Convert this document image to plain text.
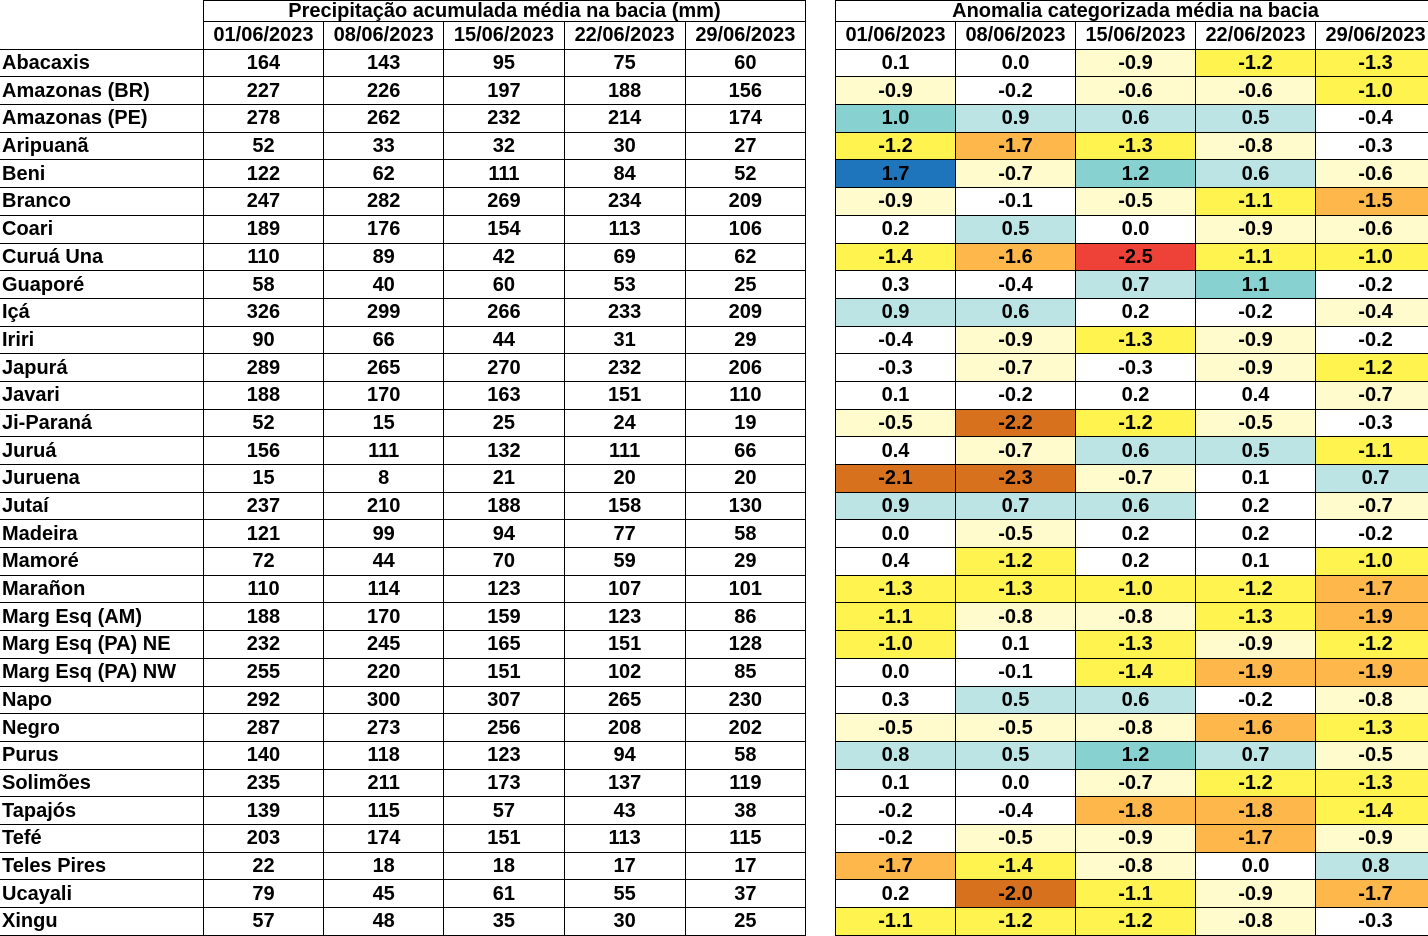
	Precipitação acumulada média na bacia (mm)				
	01/06/2023	08/06/2023	15/06/2023	22/06/2023	29/06/2023
Abacaxis	164	143	95	75	60
Amazonas (BR)	227	226	197	188	156
Amazonas (PE)	278	262	232	214	174
Aripuanã	52	33	32	30	27
Beni	122	62	111	84	52
Branco	247	282	269	234	209
Coari	189	176	154	113	106
Curuá Una	110	89	42	69	62
Guaporé	58	40	60	53	25
Içá	326	299	266	233	209
Iriri	90	66	44	31	29
Japurá	289	265	270	232	206
Javari	188	170	163	151	110
Ji-Paraná	52	15	25	24	19
Juruá	156	111	132	111	66
Juruena	15	8	21	20	20
Jutaí	237	210	188	158	130
Madeira	121	99	94	77	58
Mamoré	72	44	70	59	29
Marañon	110	114	123	107	101
Marg Esq (AM)	188	170	159	123	86
Marg Esq (PA) NE	232	245	165	151	128
Marg Esq (PA) NW	255	220	151	102	85
Napo	292	300	307	265	230
Negro	287	273	256	208	202
Purus	140	118	123	94	58
Solimões	235	211	173	137	119
Tapajós	139	115	57	43	38
Tefé	203	174	151	113	115
Teles Pires	22	18	18	17	17
Ucayali	79	45	61	55	37
Xingu	57	48	35	30	25
Anomalia categorizada média na bacia				
01/06/2023	08/06/2023	15/06/2023	22/06/2023	29/06/2023
0.1	0.0	-0.9	-1.2	-1.3
-0.9	-0.2	-0.6	-0.6	-1.0
1.0	0.9	0.6	0.5	-0.4
-1.2	-1.7	-1.3	-0.8	-0.3
1.7	-0.7	1.2	0.6	-0.6
-0.9	-0.1	-0.5	-1.1	-1.5
0.2	0.5	0.0	-0.9	-0.6
-1.4	-1.6	-2.5	-1.1	-1.0
0.3	-0.4	0.7	1.1	-0.2
0.9	0.6	0.2	-0.2	-0.4
-0.4	-0.9	-1.3	-0.9	-0.2
-0.3	-0.7	-0.3	-0.9	-1.2
0.1	-0.2	0.2	0.4	-0.7
-0.5	-2.2	-1.2	-0.5	-0.3
0.4	-0.7	0.6	0.5	-1.1
-2.1	-2.3	-0.7	0.1	0.7
0.9	0.7	0.6	0.2	-0.7
0.0	-0.5	0.2	0.2	-0.2
0.4	-1.2	0.2	0.1	-1.0
-1.3	-1.3	-1.0	-1.2	-1.7
-1.1	-0.8	-0.8	-1.3	-1.9
-1.0	0.1	-1.3	-0.9	-1.2
0.0	-0.1	-1.4	-1.9	-1.9
0.3	0.5	0.6	-0.2	-0.8
-0.5	-0.5	-0.8	-1.6	-1.3
0.8	0.5	1.2	0.7	-0.5
0.1	0.0	-0.7	-1.2	-1.3
-0.2	-0.4	-1.8	-1.8	-1.4
-0.2	-0.5	-0.9	-1.7	-0.9
-1.7	-1.4	-0.8	0.0	0.8
0.2	-2.0	-1.1	-0.9	-1.7
-1.1	-1.2	-1.2	-0.8	-0.3
